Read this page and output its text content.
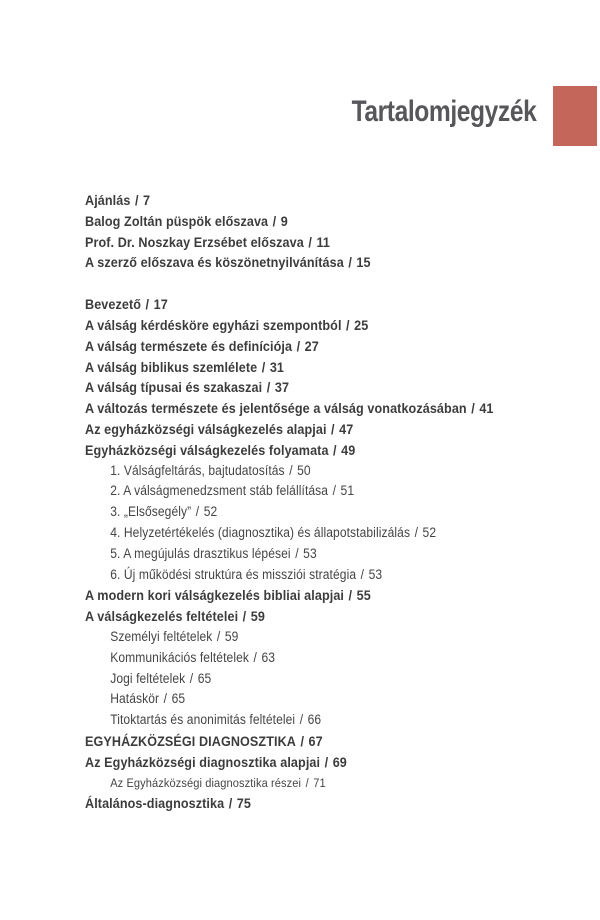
Tartalomjegyzék
Ajánlás / 7
Balog Zoltán püspök előszava / 9
Prof. Dr. Noszkay Erzsébet előszava / 11
A szerző előszava és köszönetnyilvánítása / 15
Bevezető / 17
A válság kérdésköre egyházi szempontból / 25
A válság természete és definíciója / 27
A válság biblikus szemlélete / 31
A válság típusai és szakaszai / 37
A változás természete és jelentősége a válság vonatkozásában / 41
Az egyházközségi válságkezelés alapjai / 47
Egyházközségi válságkezelés folyamata / 49
1. Válságfeltárás, bajtudatosítás / 50
2. A válságmenedzsment stáb felállítása / 51
3. „Elsősegély” / 52
4. Helyzetértékelés (diagnosztika) és állapotstabilizálás / 52
5. A megújulás drasztikus lépései / 53
6. Új működési struktúra és missziói stratégia / 53
A modern kori válságkezelés bibliai alapjai / 55
A válságkezelés feltételei / 59
Személyi feltételek / 59
Kommunikációs feltételek / 63
Jogi feltételek / 65
Hatáskör / 65
Titoktartás és anonimitás feltételei / 66
EGYHÁZKÖZSÉGI DIAGNOSZTIKA / 67
Az Egyházközségi diagnosztika alapjai / 69
Az Egyházközségi diagnosztika részei / 71
Általános-diagnosztika / 75
